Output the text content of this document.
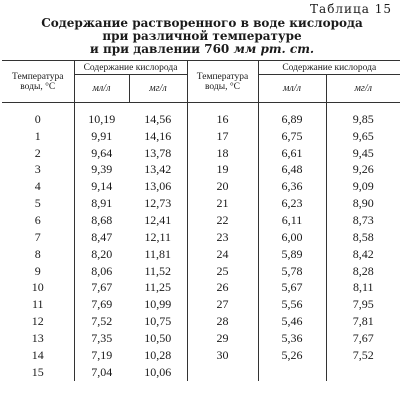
Таблица 15
Содержание растворенного в воде кислорода
при различной температуре
и при давлении 760 мм рт. ст.
Температура воды, °C	Содержание кислорода		Температура воды, °C	Содержание кислорода	
	мл/л	мг/л		мл/л	мг/л
0	10,19	14,56	16	6,89	9,85
1	9,91	14,16	17	6,75	9,65
2	9,64	13,78	18	6,61	9,45
3	9,39	13,42	19	6,48	9,26
4	9,14	13,06	20	6,36	9,09
5	8,91	12,73	21	6,23	8,90
6	8,68	12,41	22	6,11	8,73
7	8,47	12,11	23	6,00	8,58
8	8,20	11,81	24	5,89	8,42
9	8,06	11,52	25	5,78	8,28
10	7,67	11,25	26	5,67	8,11
11	7,69	10,99	27	5,56	7,95
12	7,52	10,75	28	5,46	7,81
13	7,35	10,50	29	5,36	7,67
14	7,19	10,28	30	5,26	7,52
15	7,04	10,06			
